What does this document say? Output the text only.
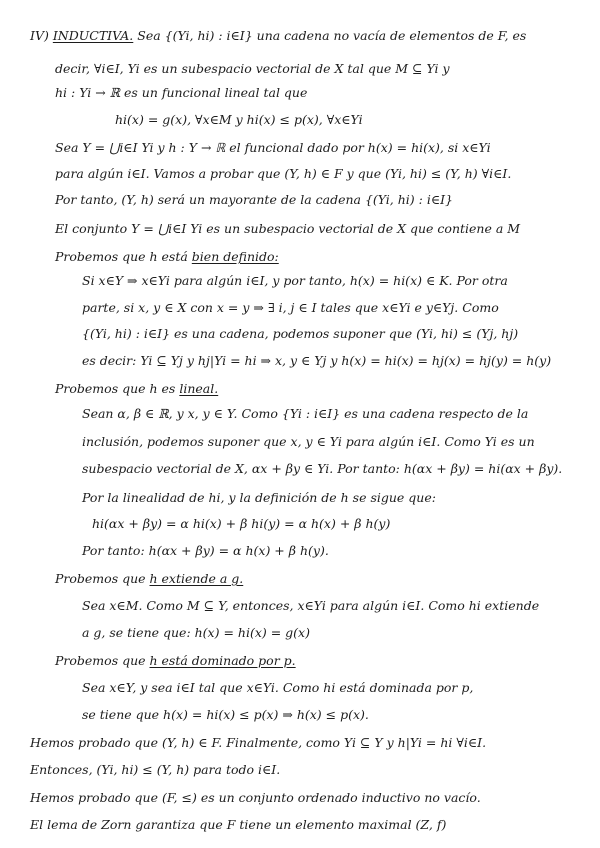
IV) INDUCTIVA. Sea {(Yi, hi) : i∈I} una cadena no vacía de elementos de F, es
decir, ∀i∈I, Yi es un subespacio vectorial de X tal que M ⊆ Yi y
hi : Yi → ℝ es un funcional lineal tal que
hi(x) = g(x), ∀x∈M y hi(x) ≤ p(x), ∀x∈Yi
Sea Y = ⋃i∈I Yi y h : Y → ℝ el funcional dado por h(x) = hi(x), si x∈Yi
para algún i∈I. Vamos a probar que (Y, h) ∈ F y que (Yi, hi) ≤ (Y, h) ∀i∈I.
Por tanto, (Y, h) será un mayorante de la cadena {(Yi, hi) : i∈I}
El conjunto Y = ⋃i∈I Yi es un subespacio vectorial de X que contiene a M
Probemos que h está bien definido:
Si x∈Y ⇒ x∈Yi para algún i∈I, y por tanto, h(x) = hi(x) ∈ K. Por otra
parte, si x, y ∈ X con x = y ⇒ ∃ i, j ∈ I tales que x∈Yi e y∈Yj. Como
{(Yi, hi) : i∈I} es una cadena, podemos suponer que (Yi, hi) ≤ (Yj, hj)
es decir: Yi ⊆ Yj y hj|Yi = hi ⇒ x, y ∈ Yj y h(x) = hi(x) = hj(x) = hj(y) = h(y)
Probemos que h es lineal.
Sean α, β ∈ ℝ, y x, y ∈ Y. Como {Yi : i∈I} es una cadena respecto de la
inclusión, podemos suponer que x, y ∈ Yi para algún i∈I. Como Yi es un
subespacio vectorial de X, αx + βy ∈ Yi. Por tanto: h(αx + βy) = hi(αx + βy).
Por la linealidad de hi, y la definición de h se sigue que:
hi(αx + βy) = α hi(x) + β hi(y) = α h(x) + β h(y)
Por tanto: h(αx + βy) = α h(x) + β h(y).
Probemos que h extiende a g.
Sea x∈M. Como M ⊆ Y, entonces, x∈Yi para algún i∈I. Como hi extiende
a g, se tiene que: h(x) = hi(x) = g(x)
Probemos que h está dominado por p.
Sea x∈Y, y sea i∈I tal que x∈Yi. Como hi está dominada por p,
se tiene que h(x) = hi(x) ≤ p(x) ⇒ h(x) ≤ p(x).
Hemos probado que (Y, h) ∈ F. Finalmente, como Yi ⊆ Y y h|Yi = hi ∀i∈I.
Entonces, (Yi, hi) ≤ (Y, h) para todo i∈I.
Hemos probado que (F, ≤) es un conjunto ordenado inductivo no vacío.
El lema de Zorn garantiza que F tiene un elemento maximal (Z, f)
